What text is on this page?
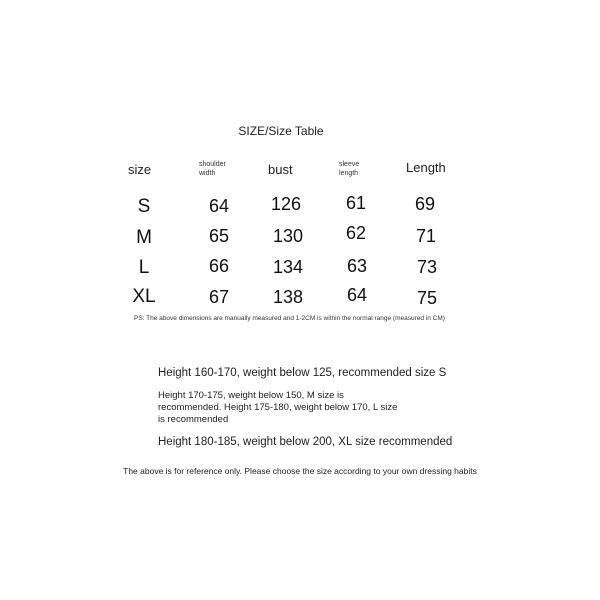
SIZE/Size Table
size	shoulder width	bust	sleeve length	Length
S	64	126	61	69
M	65	130	62	71
L	66	134	63	73
XL	67	138	64	75
PS: The above dimensions are manually measured and 1-2CM is within the normal range (measured in CM)
Height 160-170, weight below 125, recommended size S
Height 170-175, weight below 150, M size is recommended. Height 175-180, weight below 170, L size is recommended
Height 180-185, weight below 200, XL size recommended
The above is for reference only. Please choose the size according to your own dressing habits
